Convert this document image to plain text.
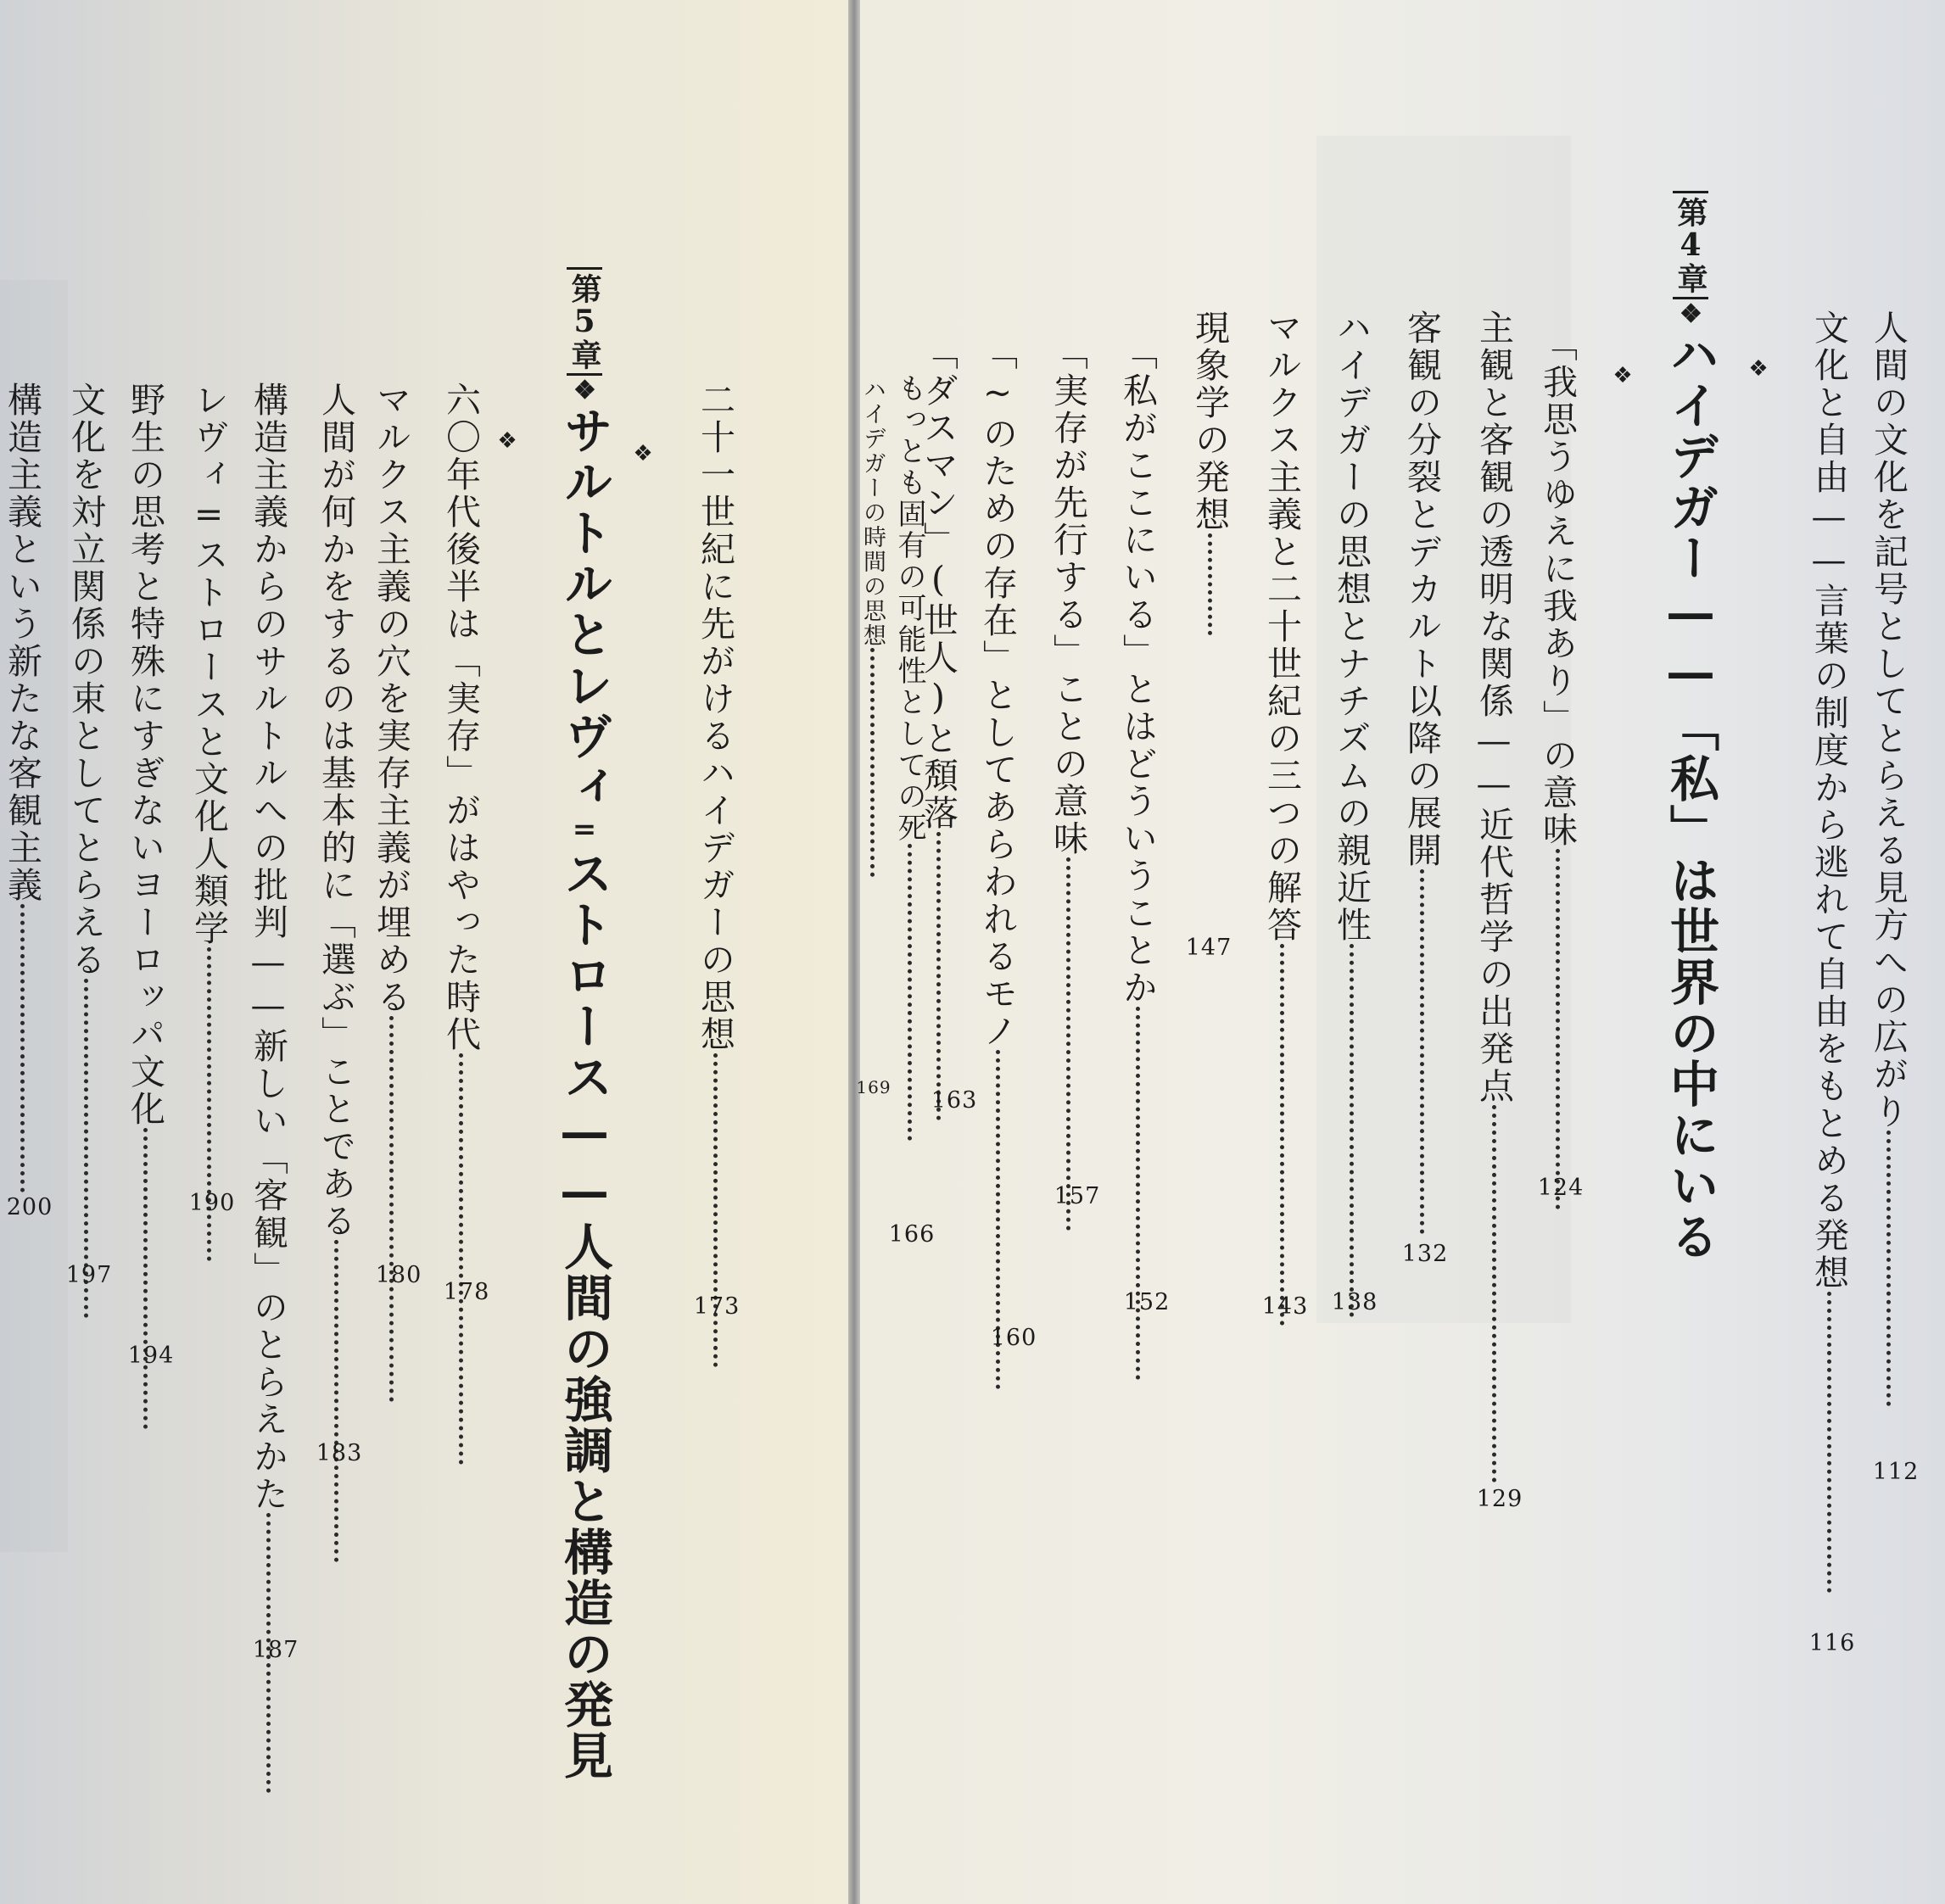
人間の文化を記号としてとらえる見方への広がり
112
文化と自由——言葉の制度から逃れて自由をもとめる発想
116
第4章❖ハイデガー——「私」は世界の中にいる
❖
❖
「我思うゆえに我あり」の意味
124
主観と客観の透明な関係——近代哲学の出発点
129
客観の分裂とデカルト以降の展開
132
ハイデガーの思想とナチズムの親近性
138
マルクス主義と二十世紀の三つの解答
143
現象学の発想
147
「私がここにいる」とはどういうことか
152
「実存が先行する」ことの意味
157
「~のための存在」としてあらわれるモノ
160
「ダスマン」(世人)と頽落
163
もっとも固有の可能性としての死
166
ハイデガーの時間の思想
169
二十一世紀に先がけるハイデガーの思想
173
第5章❖サルトルとレヴィ=ストロース——人間の強調と構造の発見
❖
❖
六〇年代後半は「実存」がはやった時代
178
マルクス主義の穴を実存主義が埋める
180
人間が何かをするのは基本的に「選ぶ」ことである
183
構造主義からのサルトルへの批判——新しい「客観」のとらえかた
187
レヴィ=ストロースと文化人類学
190
野生の思考と特殊にすぎないヨーロッパ文化
194
文化を対立関係の束としてとらえる
197
構造主義という新たな客観主義
200
